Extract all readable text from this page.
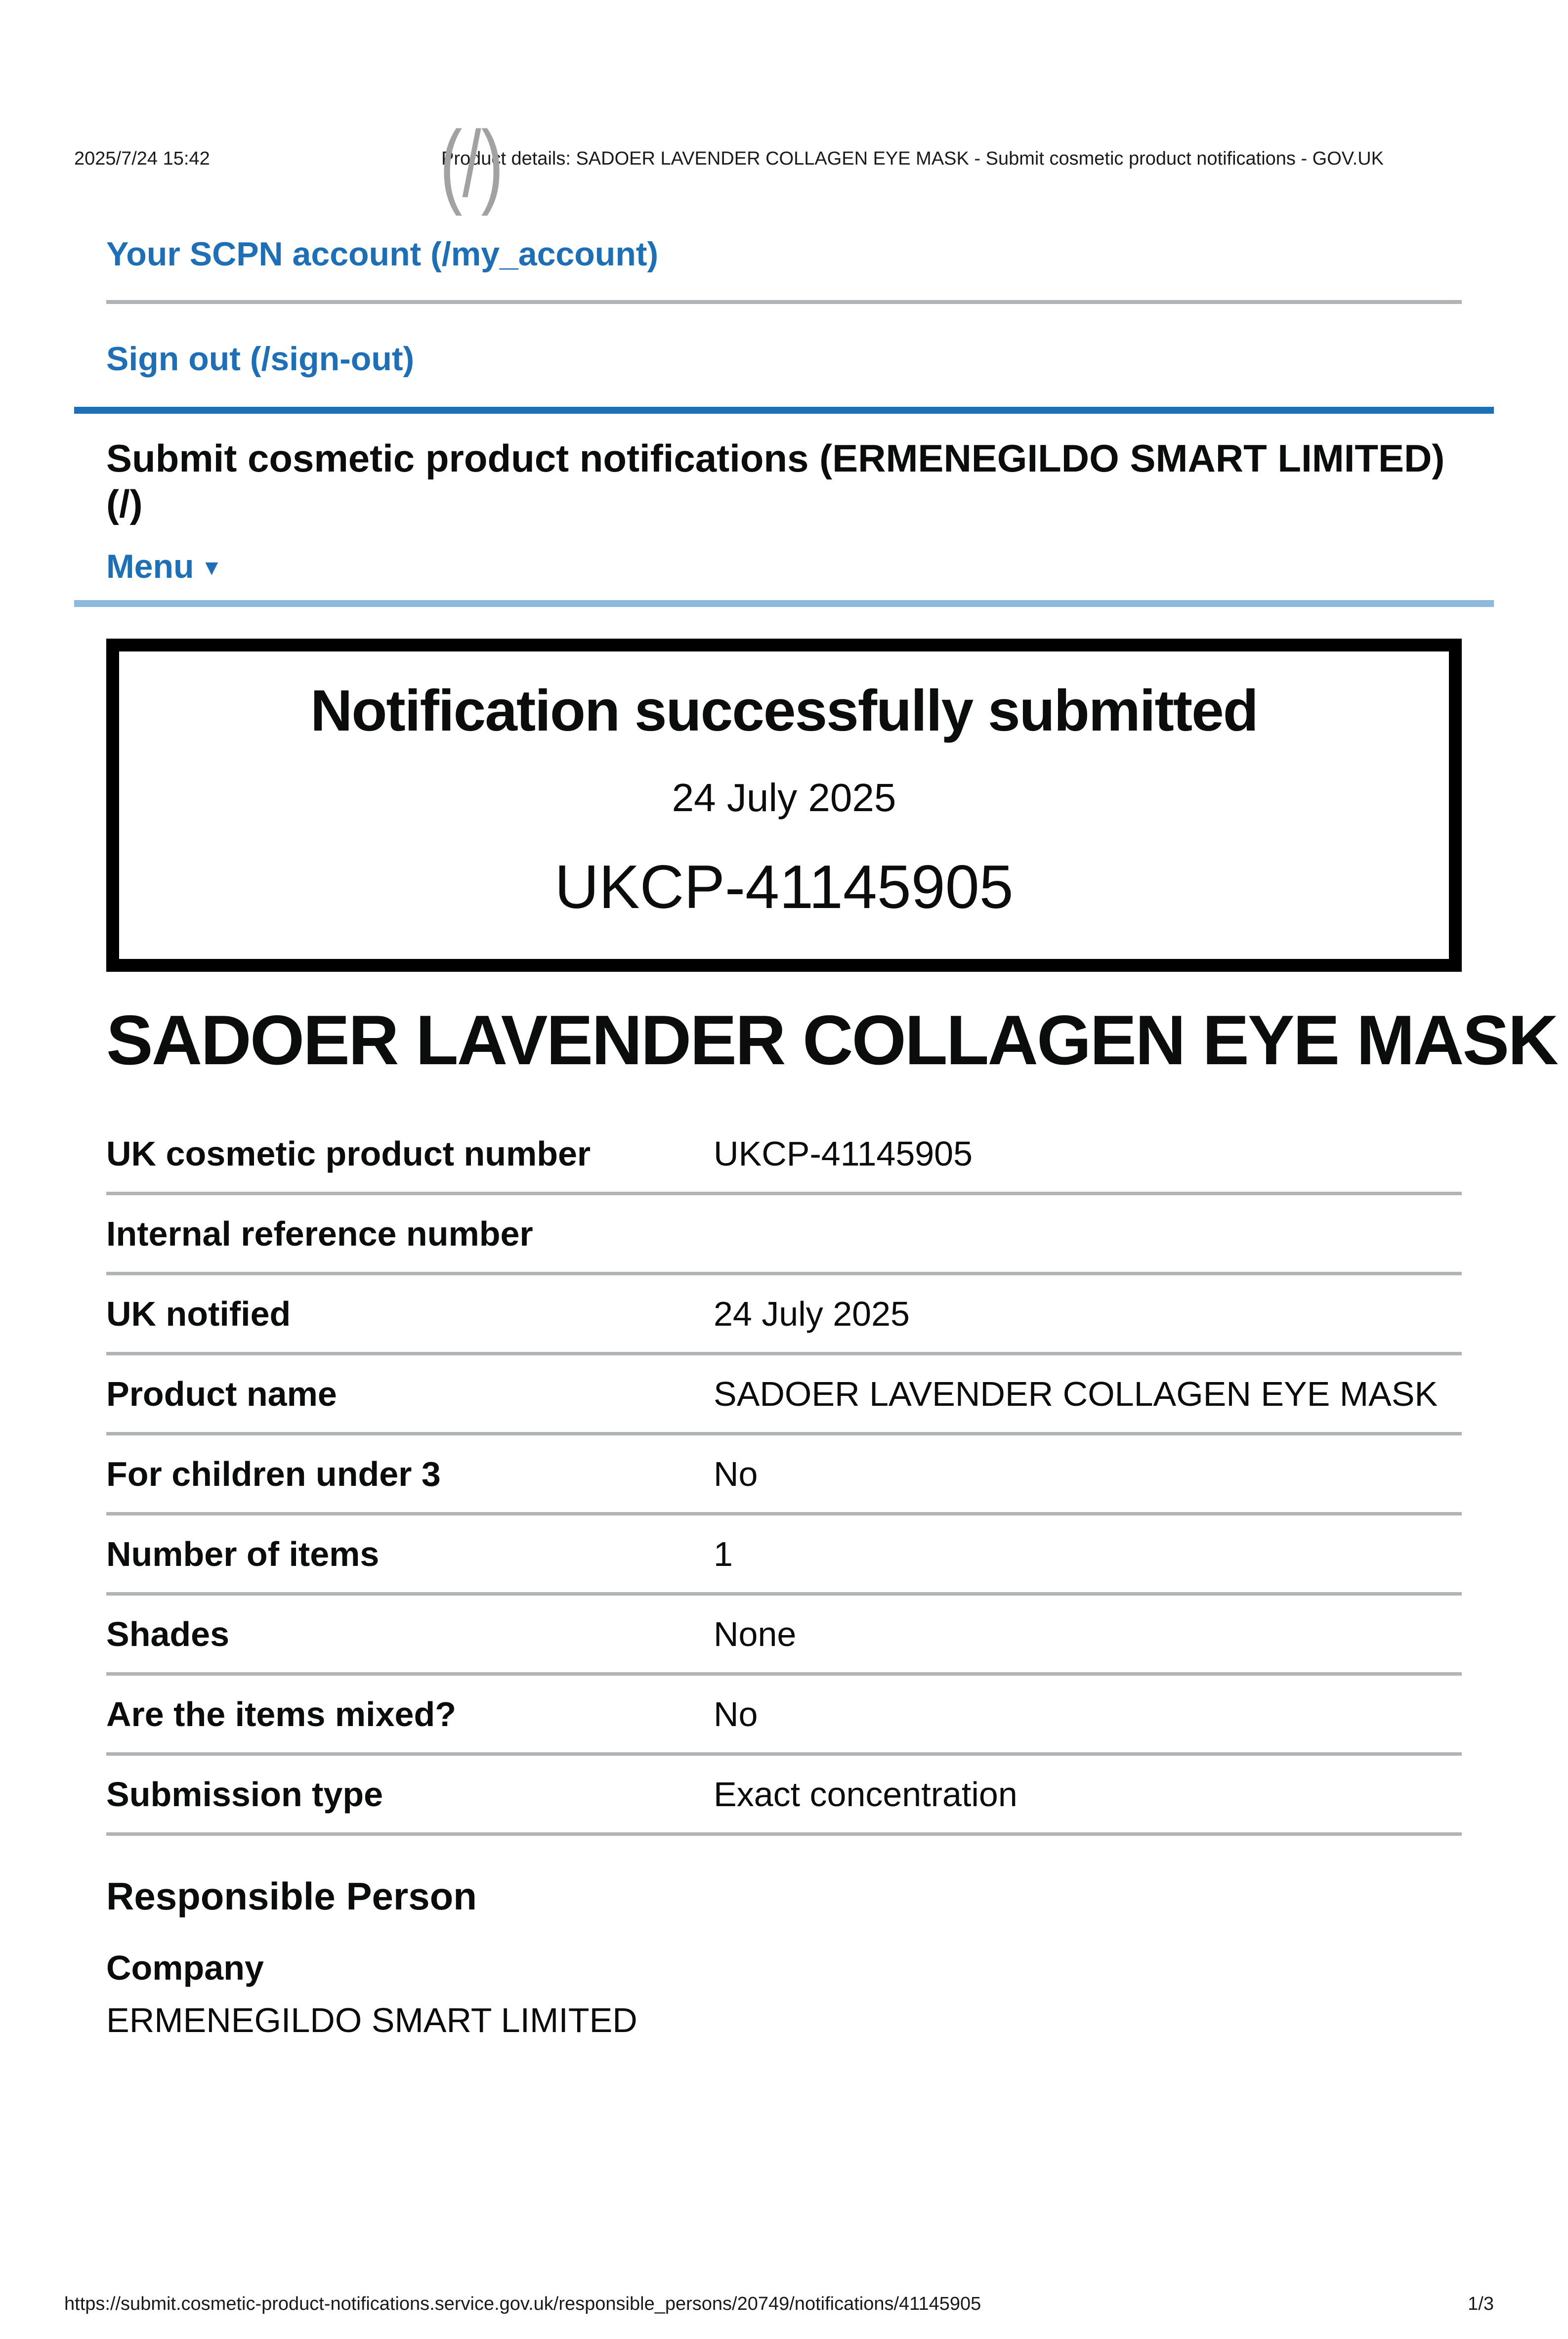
2025/7/24 15:42	Product details: SADOER LAVENDER COLLAGEN EYE MASK - Submit cosmetic product notifications - GOV.UK
(/)
Your SCPN account (/my_account)
Sign out (/sign-out)
Submit cosmetic product notifications (ERMENEGILDO SMART LIMITED)
(/)
Menu ▼
Notification successfully submitted
24 July 2025
UKCP-41145905
SADOER LAVENDER COLLAGEN EYE MASK
UK cosmetic product number	UKCP-41145905
Internal reference number
UK notified	24 July 2025
Product name	SADOER LAVENDER COLLAGEN EYE MASK
For children under 3	No
Number of items	1
Shades	None
Are the items mixed?	No
Submission type	Exact concentration
Responsible Person
Company
ERMENEGILDO SMART LIMITED
https://submit.cosmetic-product-notifications.service.gov.uk/responsible_persons/20749/notifications/41145905	1/3
